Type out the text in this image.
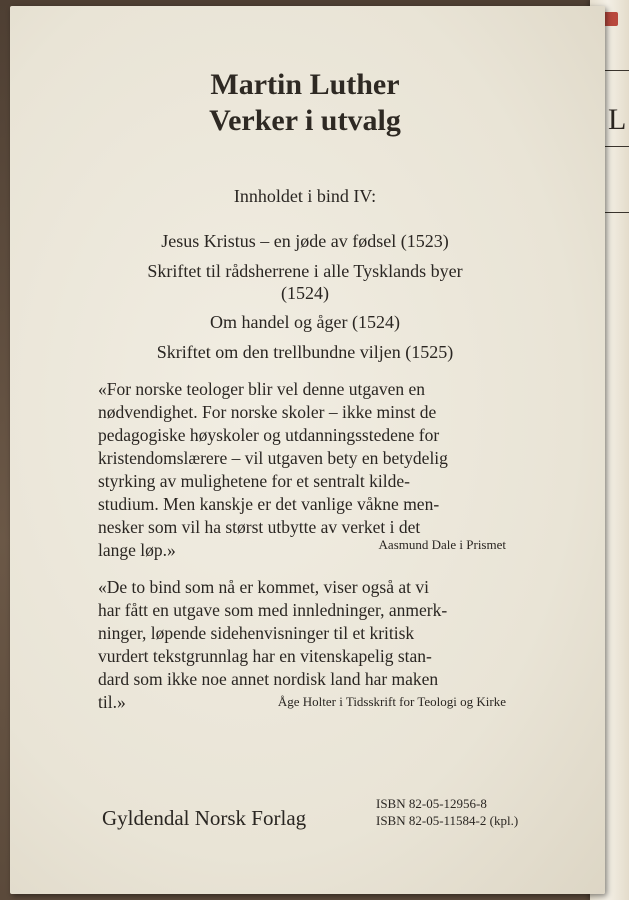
L
Martin Luther
Verker i utvalg
Innholdet i bind IV:
Jesus Kristus – en jøde av fødsel (1523)
Skriftet til rådsherrene i alle Tysklands byer
(1524)
Om handel og åger (1524)
Skriftet om den trellbundne viljen (1525)
«For norske teologer blir vel denne utgaven en
nødvendighet. For norske skoler – ikke minst de
pedagogiske høyskoler og utdanningsstedene for
kristendomslærere – vil utgaven bety en betydelig
styrking av mulighetene for et sentralt kilde-
studium. Men kanskje er det vanlige våkne men-
nesker som vil ha størst utbytte av verket i det
lange løp.»	Aasmund Dale i Prismet
«De to bind som nå er kommet, viser også at vi
har fått en utgave som med innledninger, anmerk-
ninger, løpende sidehenvisninger til et kritisk
vurdert tekstgrunnlag har en vitenskapelig stan-
dard som ikke noe annet nordisk land har maken
til.»	Åge Holter i Tidsskrift for Teologi og Kirke
Gyldendal Norsk Forlag
ISBN 82-05-12956-8
ISBN 82-05-11584-2 (kpl.)
